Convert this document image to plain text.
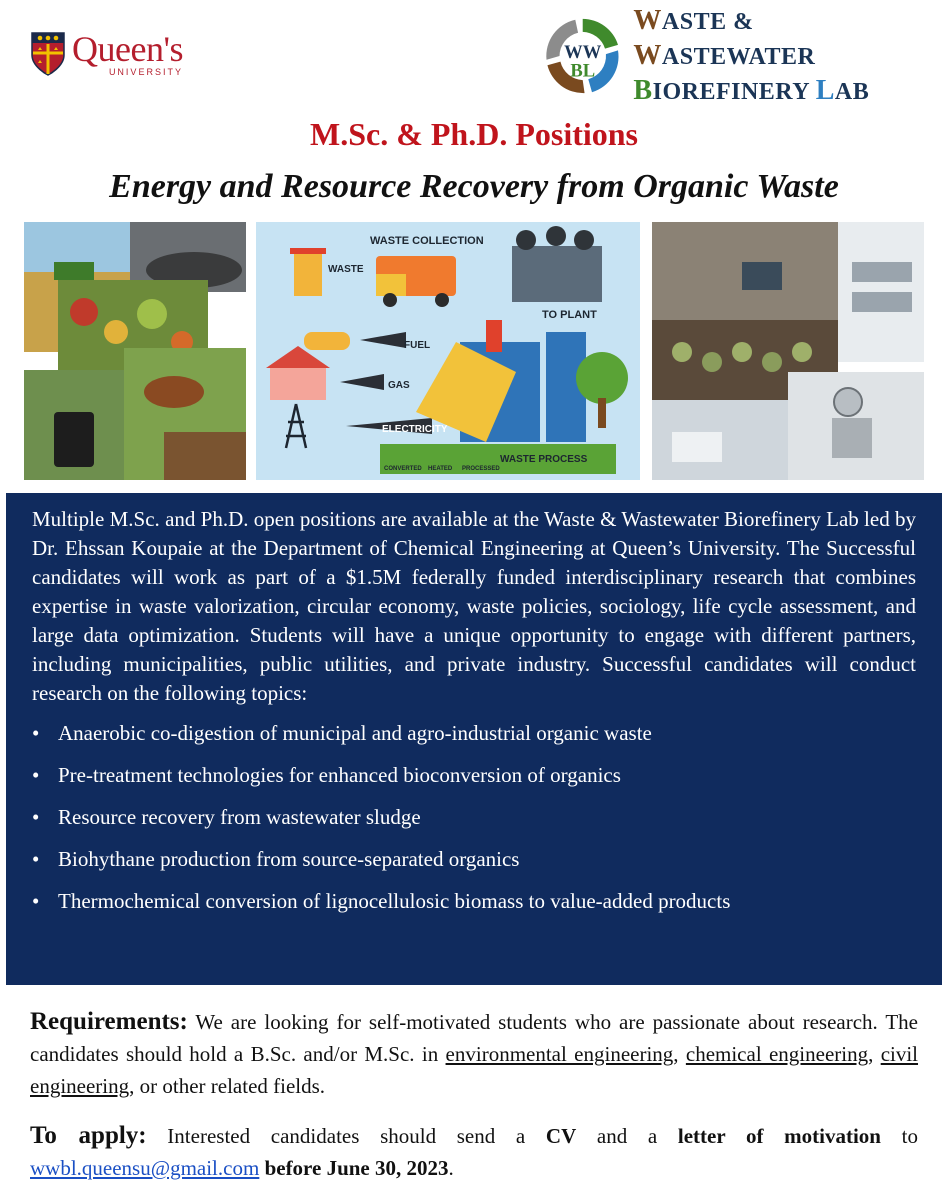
Queen's
UNIVERSITY
WW
BL
WASTE & WASTEWATER
BIOREFINERY LAB
M.Sc. & Ph.D. Positions
Energy and Resource Recovery from Organic Waste
WASTE COLLECTION
WASTE
TO PLANT
FUEL
GAS
ELECTRICITY
CONVERTED HEATED PROCESSED
WASTE PROCESS

Multiple M.Sc. and Ph.D. open positions are available at the Waste & Wastewater Biorefinery Lab led by Dr. Ehssan Koupaie at the Department of Chemical Engineering at Queen’s University. The Successful candidates will work as part of a $1.5M federally funded interdisciplinary research that combines expertise in waste valorization, circular economy, waste policies, sociology, life cycle assessment, and large data optimization. Students will have a unique opportunity to engage with different partners, including municipalities, public utilities, and private industry. Successful candidates will conduct research on the following topics:

• Anaerobic co-digestion of municipal and agro-industrial organic waste
• Pre-treatment technologies for enhanced bioconversion of organics
• Resource recovery from wastewater sludge
• Biohythane production from source-separated organics
• Thermochemical conversion of lignocellulosic biomass to value-added products

Requirements: We are looking for self-motivated students who are passionate about research. The candidates should hold a B.Sc. and/or M.Sc. in environmental engineering, chemical engineering, civil engineering, or other related fields.

To apply: Interested candidates should send a CV and a letter of motivation to wwbl.queensu@gmail.com before June 30, 2023.
